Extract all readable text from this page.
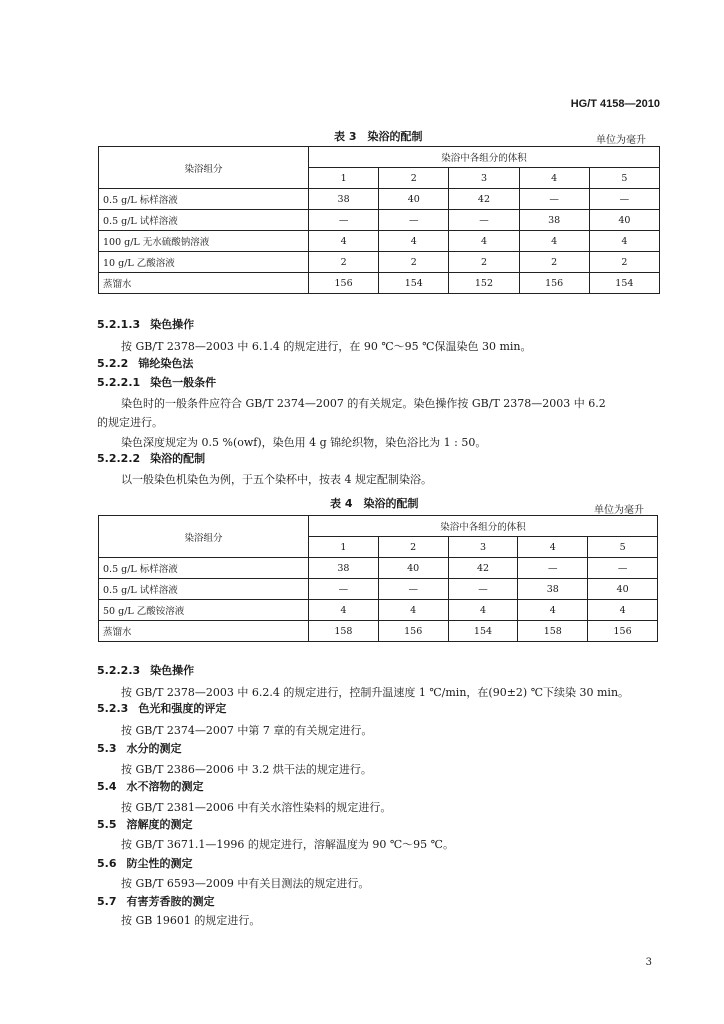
HG/T 4158—2010
表 3　染浴的配制	单位为毫升
染浴组分	染浴中各组分的体积				
	1	2	3	4	5
0.5 g/L 标样溶液	38	40	42	—	—
0.5 g/L 试样溶液	—	—	—	38	40
100 g/L 无水硫酸钠溶液	4	4	4	4	4
10 g/L 乙酸溶液	2	2	2	2	2
蒸馏水	156	154	152	156	154
5.2.1.3 染色操作
按 GB/T 2378—2003 中 6.1.4 的规定进行，在 90 ℃～95 ℃保温染色 30 min。
5.2.2 锦纶染色法
5.2.2.1 染色一般条件
染色时的一般条件应符合 GB/T 2374—2007 的有关规定。染色操作按 GB/T 2378—2003 中 6.2
的规定进行。
染色深度规定为 0.5 %(owf)，染色用 4 g 锦纶织物，染色浴比为 1 : 50。
5.2.2.2 染浴的配制
以一般染色机染色为例，于五个染杯中，按表 4 规定配制染浴。
表 4　染浴的配制
单位为毫升
染浴组分	染浴中各组分的体积				
	1	2	3	4	5
0.5 g/L 标样溶液	38	40	42	—	—
0.5 g/L 试样溶液	—	—	—	38	40
50 g/L 乙酸铵溶液	4	4	4	4	4
蒸馏水	158	156	154	158	156
5.2.2.3 染色操作
按 GB/T 2378—2003 中 6.2.4 的规定进行，控制升温速度 1 ℃/min，在(90±2) ℃下续染 30 min。
5.2.3 色光和强度的评定
按 GB/T 2374—2007 中第 7 章的有关规定进行。
5.3 水分的测定
按 GB/T 2386—2006 中 3.2 烘干法的规定进行。
5.4 水不溶物的测定
按 GB/T 2381—2006 中有关水溶性染料的规定进行。
5.5 溶解度的测定
按 GB/T 3671.1—1996 的规定进行，溶解温度为 90 ℃～95 ℃。
5.6 防尘性的测定
按 GB/T 6593—2009 中有关目测法的规定进行。
5.7 有害芳香胺的测定
按 GB 19601 的规定进行。
3
